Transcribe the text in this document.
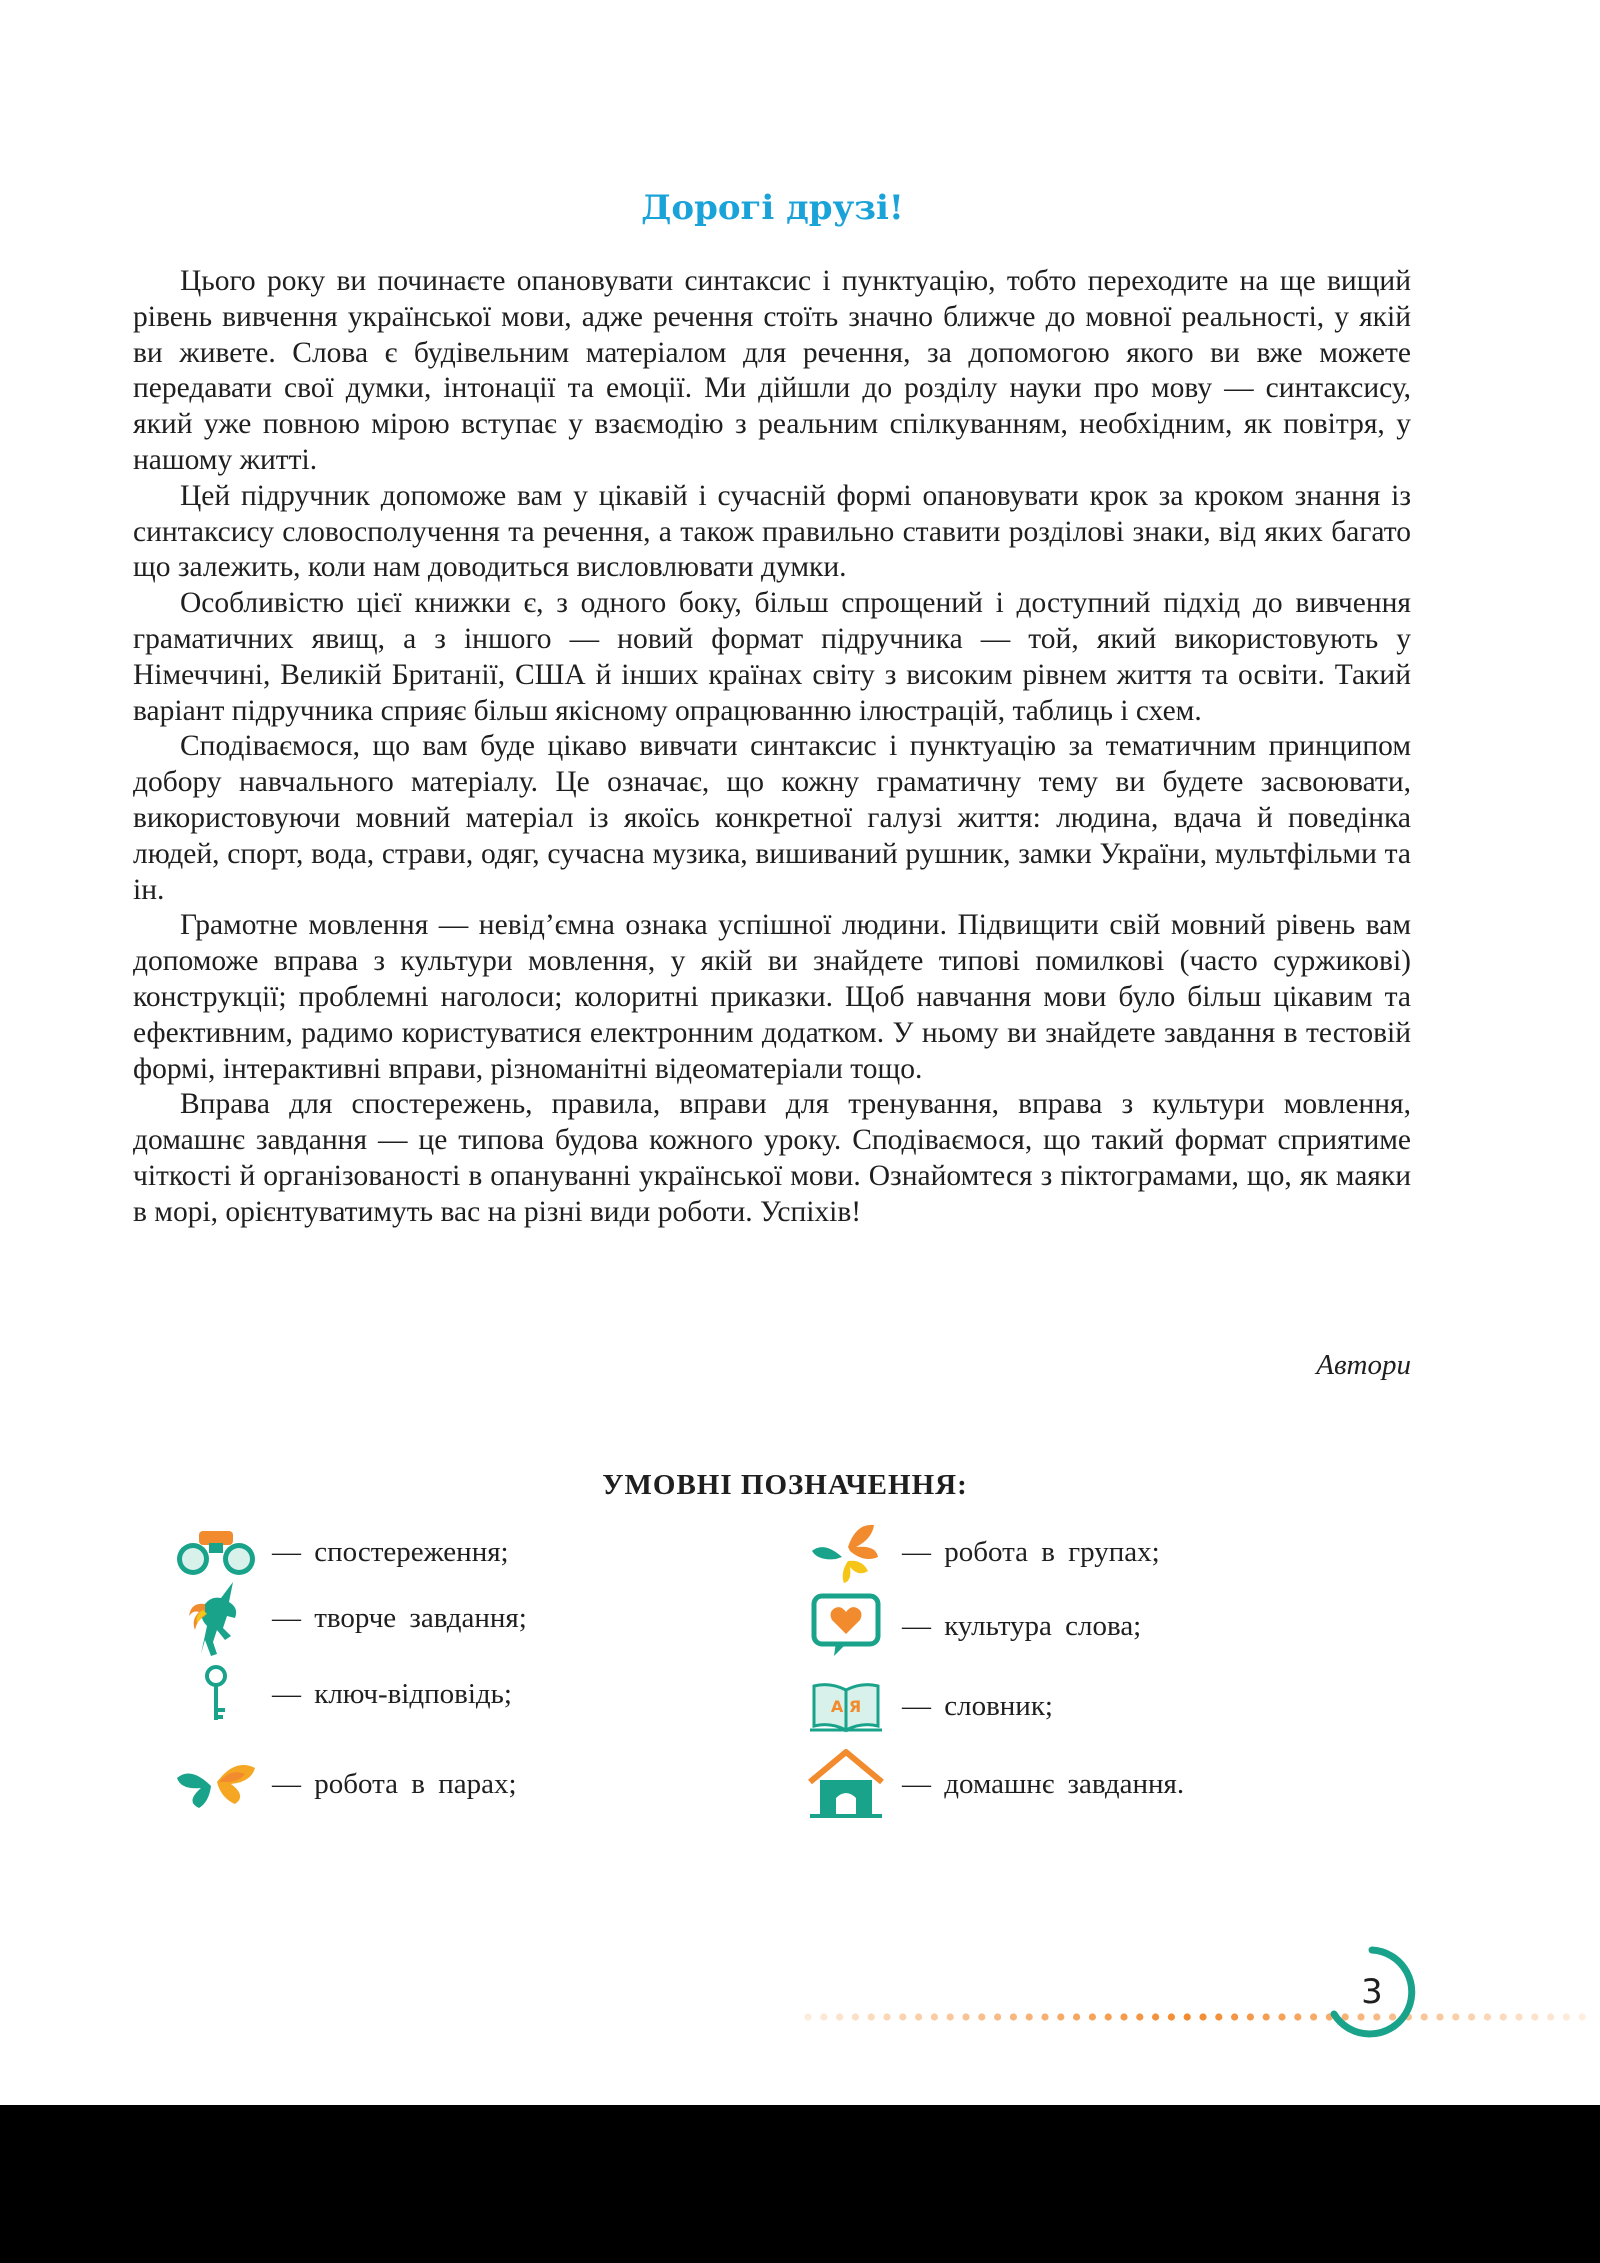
Дорогі друзі!

Цього року ви починаєте опановувати синтаксис і пунктуацію, тобто переходите на ще вищий рівень вивчення української мови, адже речення стоїть значно ближче до мовної реальності, у якій ви живете. Слова є будівельним матеріалом для речення, за допомогою якого ви вже можете передавати свої думки, інтонації та емоції. Ми дійшли до розділу науки про мову — синтаксису, який уже повною мірою вступає у взаємодію з реальним спілкуванням, необхідним, як повітря, у нашому житті.

Цей підручник допоможе вам у цікавій і сучасній формі опановувати крок за кроком знання із синтаксису словосполучення та речення, а також правильно ставити розділові знаки, від яких багато що залежить, коли нам доводиться висловлювати думки.

Особливістю цієї книжки є, з одного боку, більш спрощений і доступний підхід до вивчення граматичних явищ, а з іншого — новий формат підручника — той, який використовують у Німеччині, Великій Британії, США й інших країнах світу з високим рівнем життя та освіти. Такий варіант підручника сприяє більш якісному опрацюванню ілюстрацій, таблиць і схем.

Сподіваємося, що вам буде цікаво вивчати синтаксис і пунктуацію за тематичним принципом добору навчального матеріалу. Це означає, що кожну граматичну тему ви будете засвоювати, використовуючи мовний матеріал із якоїсь конкретної галузі життя: людина, вдача й поведінка людей, спорт, вода, страви, одяг, сучасна музика, вишиваний рушник, замки України, мультфільми та ін.

Грамотне мовлення — невід’ємна ознака успішної людини. Підвищити свій мовний рівень вам допоможе вправа з культури мовлення, у якій ви знайдете типові помилкові (часто суржикові) конструкції; проблемні наголоси; колоритні приказки. Щоб навчання мови було більш цікавим та ефективним, радимо користуватися електронним додатком. У ньому ви знайдете завдання в тестовій формі, інтерактивні вправи, різноманітні відеоматеріали тощо.

Вправа для спостережень, правила, вправи для тренування, вправа з культури мовлення, домашнє завдання — це типова будова кожного уроку. Сподіваємося, що такий формат сприятиме чіткості й організованості в опануванні української мови. Ознайомтеся з піктограмами, що, як маяки в морі, орієнтуватимуть вас на різні види роботи. Успіхів!

Автори
УМОВНІ ПОЗНАЧЕННЯ:
— спостереження;
— творче завдання;
— ключ-відповідь;
— робота в парах;
— робота в групах;
— культура слова;
А Я — словник;
— домашнє завдання.
3
